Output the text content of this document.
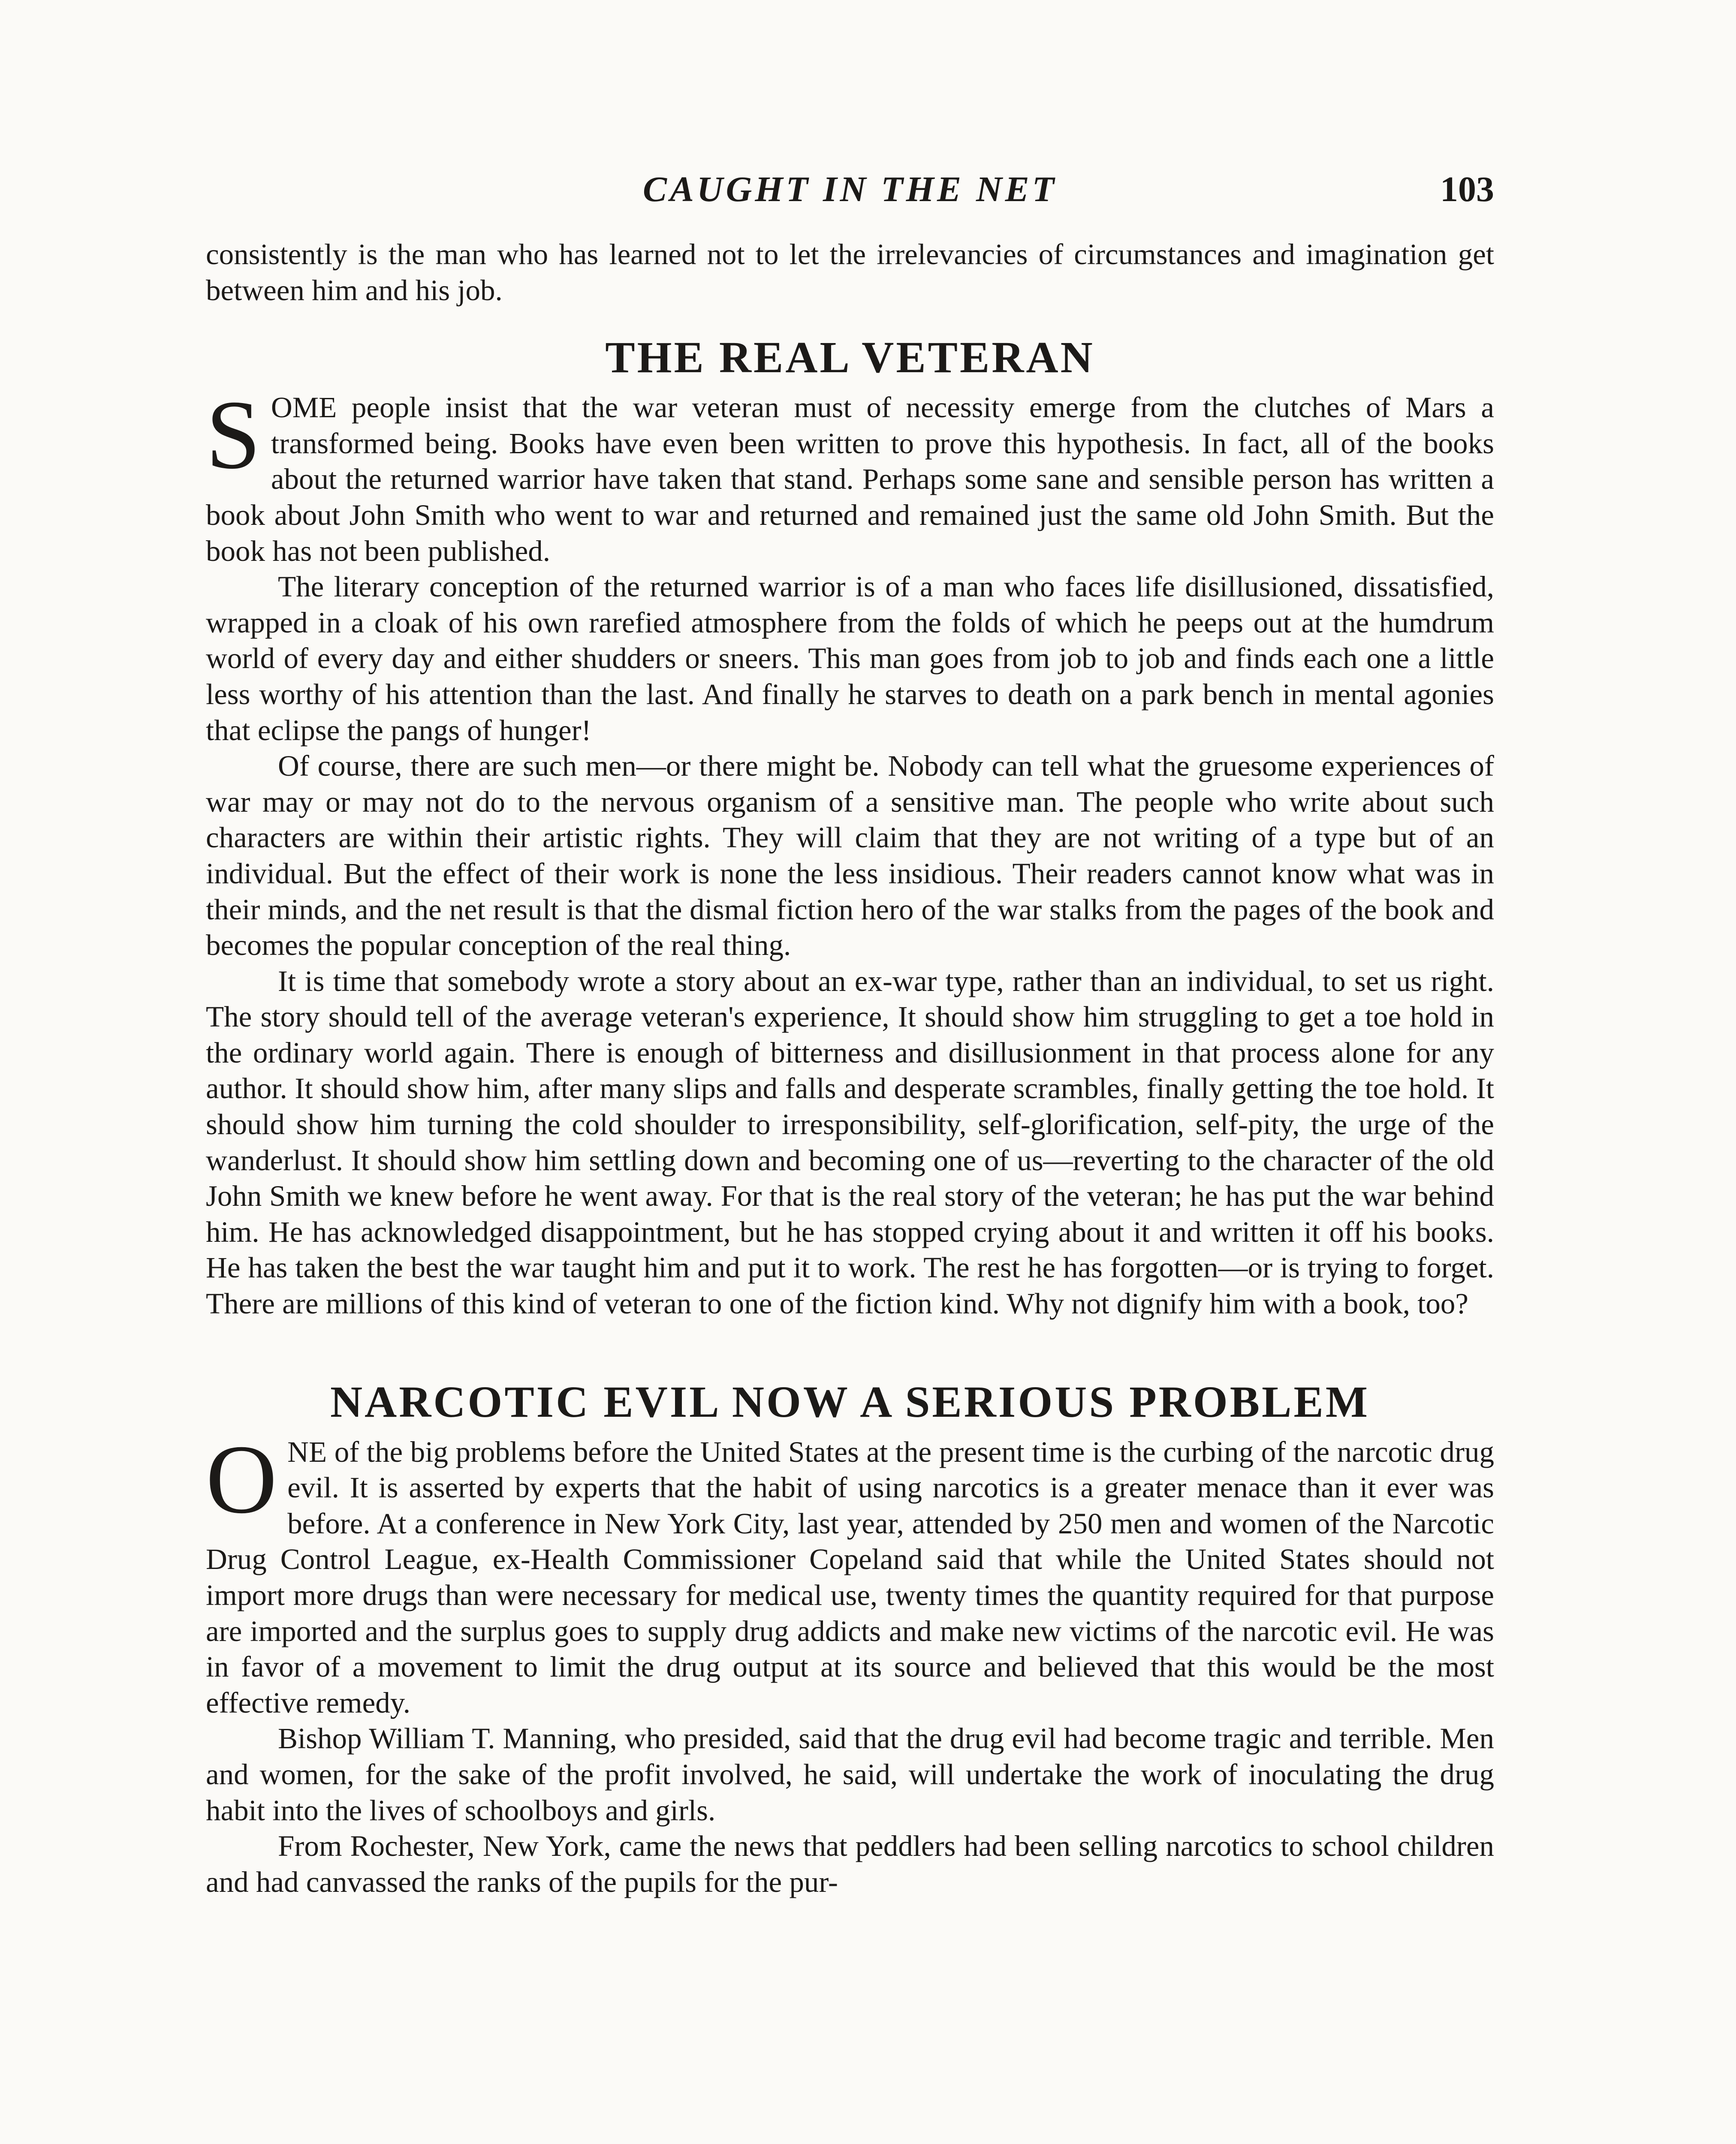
CAUGHT IN THE NET	103

consistently is the man who has learned not to let the irrelevancies of circumstances and imagination get between him and his job.

THE REAL VETERAN

S OME people insist that the war veteran must of necessity emerge from the clutches of Mars a transformed being. Books have even been written to prove this hypothesis. In fact, all of the books about the returned warrior have taken that stand. Perhaps some sane and sensible person has written a book about John Smith who went to war and returned and remained just the same old John Smith. But the book has not been published.

The literary conception of the returned warrior is of a man who faces life disillusioned, dissatisfied, wrapped in a cloak of his own rarefied atmosphere from the folds of which he peeps out at the humdrum world of every day and either shudders or sneers. This man goes from job to job and finds each one a little less worthy of his attention than the last. And finally he starves to death on a park bench in mental agonies that eclipse the pangs of hunger!

Of course, there are such men—or there might be. Nobody can tell what the gruesome experiences of war may or may not do to the nervous organism of a sensitive man. The people who write about such characters are within their artistic rights. They will claim that they are not writing of a type but of an individual. But the effect of their work is none the less insidious. Their readers cannot know what was in their minds, and the net result is that the dismal fiction hero of the war stalks from the pages of the book and becomes the popular conception of the real thing.

It is time that somebody wrote a story about an ex-war type, rather than an individual, to set us right. The story should tell of the average veteran's experience, It should show him struggling to get a toe hold in the ordinary world again. There is enough of bitterness and disillusionment in that process alone for any author. It should show him, after many slips and falls and desperate scrambles, finally getting the toe hold. It should show him turning the cold shoulder to irresponsibility, self-glorification, self-pity, the urge of the wanderlust. It should show him settling down and becoming one of us—reverting to the character of the old John Smith we knew before he went away. For that is the real story of the veteran; he has put the war behind him. He has acknowledged disappointment, but he has stopped crying about it and written it off his books. He has taken the best the war taught him and put it to work. The rest he has forgotten—or is trying to forget. There are millions of this kind of veteran to one of the fiction kind. Why not dignify him with a book, too?

NARCOTIC EVIL NOW A SERIOUS PROBLEM

O NE of the big problems before the United States at the present time is the curbing of the narcotic drug evil. It is asserted by experts that the habit of using narcotics is a greater menace than it ever was before. At a conference in New York City, last year, attended by 250 men and women of the Narcotic Drug Control League, ex-Health Commissioner Copeland said that while the United States should not import more drugs than were necessary for medical use, twenty times the quantity required for that purpose are imported and the surplus goes to supply drug addicts and make new victims of the narcotic evil. He was in favor of a movement to limit the drug output at its source and believed that this would be the most effective remedy.

Bishop William T. Manning, who presided, said that the drug evil had become tragic and terrible. Men and women, for the sake of the profit involved, he said, will undertake the work of inoculating the drug habit into the lives of schoolboys and girls.

From Rochester, New York, came the news that peddlers had been selling narcotics to school children and had canvassed the ranks of the pupils for the pur-
